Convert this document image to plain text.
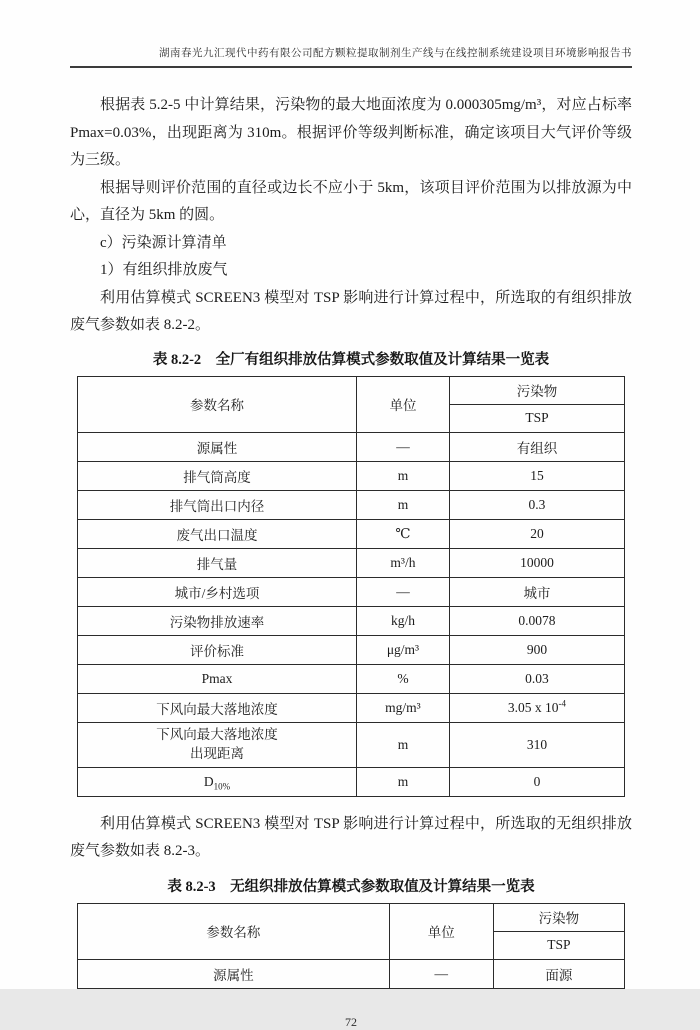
湖南春光九汇现代中药有限公司配方颗粒提取制剂生产线与在线控制系统建设项目环境影响报告书

根据表 5.2-5 中计算结果，污染物的最大地面浓度为 0.000305mg/m³，对应占标率 Pmax=0.03%，出现距离为 310m。根据评价等级判断标准，确定该项目大气评价等级为三级。

根据导则评价范围的直径或边长不应小于 5km，该项目评价范围为以排放源为中心，直径为 5km 的圆。

c）污染源计算清单

1）有组织排放废气

利用估算模式 SCREEN3 模型对 TSP 影响进行计算过程中，所选取的有组织排放废气参数如表 8.2-2。

表 8.2-2　全厂有组织排放估算模式参数取值及计算结果一览表
参数名称	单位	污染物
		TSP
源属性	—	有组织
排气筒高度	m	15
排气筒出口内径	m	0.3
废气出口温度	℃	20
排气量	m³/h	10000
城市/乡村选项	—	城市
污染物排放速率	kg/h	0.0078
评价标准	μg/m³	900
Pmax	%	0.03
下风向最大落地浓度	mg/m³	3.05 x $10^{-4}$

下风向最大落地浓度
出现距离	m	310
$D_{10\%}$	m	0

利用估算模式 SCREEN3 模型对 TSP 影响进行计算过程中，所选取的无组织排放废气参数如表 8.2-3。

表 8.2-3　无组织排放估算模式参数取值及计算结果一览表
参数名称	单位	污染物
		TSP
源属性	—	面源
72
